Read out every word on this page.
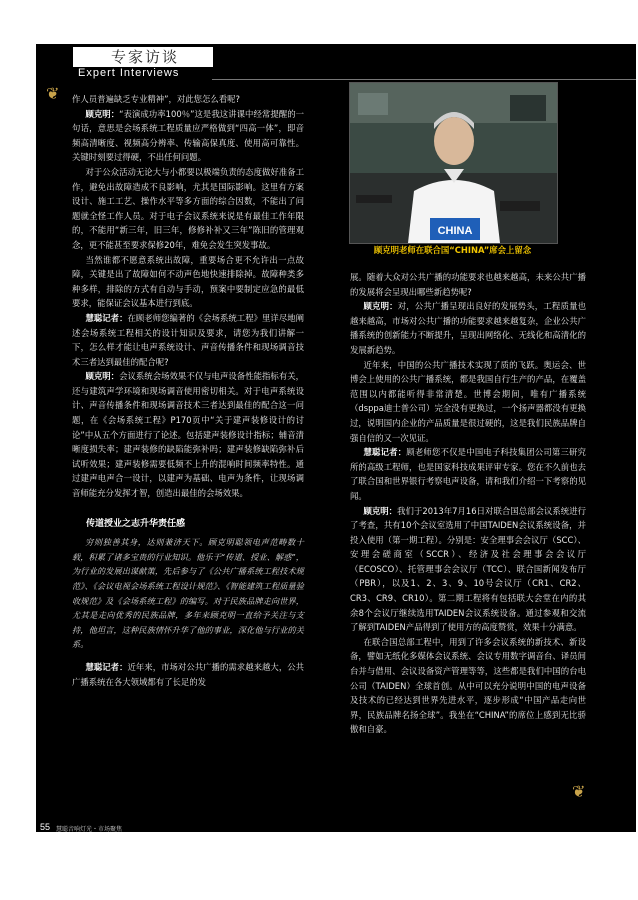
专家访谈
Expert Interviews

作人员普遍缺乏专业精神”，对此您怎么看呢?

顾克明：“表演成功率100％”这是我这讲课中经常提醒的一句话，意思是会场系统工程质量应严格做到“四高一体”，即音频高清晰度、视频高分辨率、传输高保真度、使用高可靠性。关键时刻要过得硬，不出任何问题。

对于公众活动无论大与小都要以极端负责的态度做好准备工作，避免出故障造成不良影响，尤其是国际影响。这里有方案设计、施工工艺、操作水平等多方面的综合因数，不能出了问题就全怪工作人员。对于电子会议系统来说是有最佳工作年限的，不能用“新三年，旧三年，修修补补又三年”陈旧的管理观念，更不能甚至要求保修20年，难免会发生突发事故。

当然谁都不愿意系统出故障，重要场合更不允许出一点故障，关键是出了故障如何不动声色地快速排除掉。故障种类多种多样，排除的方式有自动与手动，预案中要制定应急的最低要求，能保证会议基本进行到底。

慧聪记者：在顾老师您编著的《会场系统工程》里详尽地阐述会场系统工程相关的设计知识及要求，请您为我们讲解一下，怎么样才能让电声系统设计、声音传播条件和现场调音技术三者达到最佳的配合呢?

顾克明：会议系统会场效果不仅与电声设备性能指标有关，还与建筑声学环境和现场调音使用密切相关。对于电声系统设计、声音传播条件和现场调音技术三者达到最佳的配合这一问题，在《会场系统工程》P170页中“关于建声装修设计的讨论”中从五个方面进行了论述。包括建声装修设计指标；辅音清晰度损失率；建声装修的缺陷能弥补吗；建声装修缺陷弥补后试听效果；建声装修需要低频不上升的混响时间频率特性。通过建声电声合一设计，以建声为基础、电声为条件，让现场调音师能充分发挥才智，创造出最佳的会场效果。

传道授业之志升华责任感

穷则独善其身，达则兼济天下。顾克明聪领电声范畴数十载，积累了诸多宝贵的行业知识。他乐于“传道、授业、解惑”，为行业的发展出谋献策，先后参与了《公共广播系统工程技术规范》、《会议电视会场系统工程设计规范》、《智能建筑工程质量验收规范》及《会场系统工程》的编写。对于民族品牌走向世界，尤其是走向优秀的民族品牌，多年来顾克明一直给予关注与支持，他坦言，这种民族情怀升华了他的事业，深化他与行业的关系。

慧聪记者：近年来，市场对公共广播的需求越来越大，公共广播系统在各大领域都有了长足的发

CHINA
顾克明老师在联合国“CHINA”席会上留念

展。随着大众对公共广播的功能要求也越来越高，未来公共广播的发展将会呈现出哪些新趋势呢?

顾克明：对，公共广播呈现出良好的发展势头，工程质量也越来越高，市场对公共广播的功能要求越来越复杂，企业公共广播系统的创新能力不断提升，呈现出网络化、无线化和高清化的发展新趋势。

近年来，中国的公共广播技术实现了质的飞跃。奥运会、世博会上使用的公共广播系统，都是我国自行生产的产品，在覆盖范围以内都能听得非常清楚。世博会期间，唯有广播系统（dsppa迪士普公司）完全没有更换过，一个扬声器都没有更换过，说明国内企业的产品质量是很过硬的，这是我们民族品牌自强自信的又一次见证。

慧聪记者：顾老师您不仅是中国电子科技集团公司第三研究所的高级工程师，也是国家科技成果评审专家。您在不久前也去了联合国和世界银行考察电声设备，请和我们介绍一下考察的见闻。

顾克明：我们于2013年7月16日对联合国总部会议系统进行了考查，共有10个会议室选用了中国TAIDEN会议系统设备，并投入使用（第一期工程）。分别是：安全理事会会议厅（SCC）、安理会磋商室（SCCR）、经济及社会理事会会议厅（ECOSCO）、托管理事会会议厅（TCC）、联合国新闻发布厅（PBR），以及1、2、3、9、10号会议厅（CR1、CR2、CR3、CR9、CR10）。第二期工程将有包括联大会堂在内的其余8个会议厅继续选用TAIDEN会议系统设备。通过参观和交流了解到TAIDEN产品得到了使用方的高度赞赏，效果十分满意。

在联合国总部工程中，用到了许多会议系统的新技术、新设备，譬如无纸化多媒体会议系统、会议专用数字调音台、译员间台并与借用、会议设备资产管理等等，这些都是我们中国的台电公司（TAIDEN）全球首创。从中可以充分说明中国的电声设备及技术的已经达到世界先进水平，逐步形成“中国产品走向世界，民族品牌名扬全球”。我坐在“CHINA”的席位上感到无比骄傲和自豪。

❦
❦
55 慧聪音响灯光・市场聚焦
